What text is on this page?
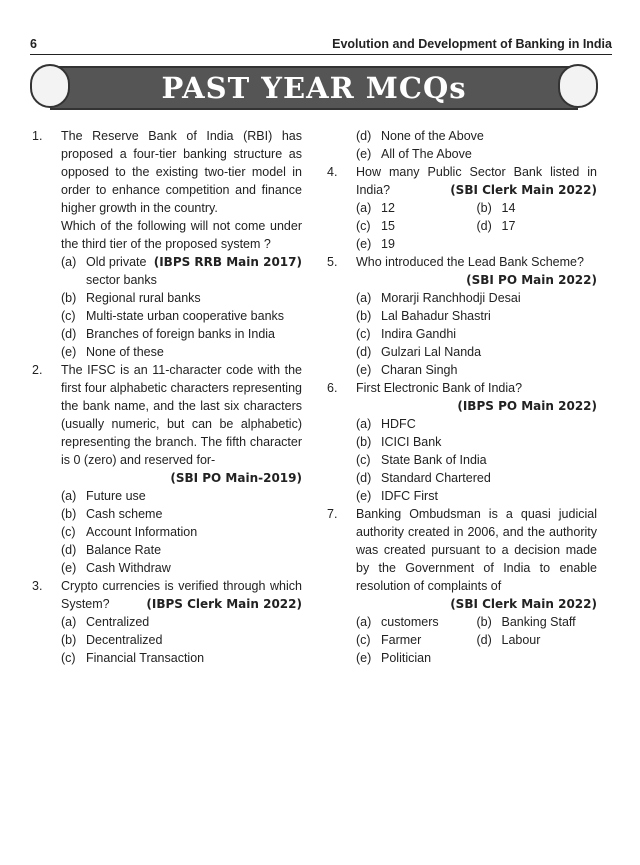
6	Evolution and Development of Banking in India
PAST YEAR MCQs
1. The Reserve Bank of India (RBI) has proposed a four-tier banking structure as opposed to the existing two-tier model in order to enhance competition and finance higher growth in the country.
Which of the following will not come under the third tier of the proposed system ?
(IBPS RRB Main 2017)
(a) Old private sector banks
(b) Regional rural banks
(c) Multi-state urban cooperative banks
(d) Branches of foreign banks in India
(e) None of these
2. The IFSC is an 11-character code with the first four alphabetic characters representing the bank name, and the last six characters (usually numeric, but can be alphabetic) representing the branch. The fifth character is 0 (zero) and reserved for-
(SBI PO Main-2019)
(a) Future use
(b) Cash scheme
(c) Account Information
(d) Balance Rate
(e) Cash Withdraw
3. Crypto currencies is verified through which System?	(IBPS Clerk Main 2022)
(a) Centralized
(b) Decentralized
(c) Financial Transaction
(d) None of the Above
(e) All of The Above
4. How many Public Sector Bank listed in India?	(SBI Clerk Main 2022)
(a) 12	(b) 14
(c) 15	(d) 17
(e) 19
5. Who introduced the Lead Bank Scheme?
(SBI PO Main 2022)
(a) Morarji Ranchhodji Desai
(b) Lal Bahadur Shastri
(c) Indira Gandhi
(d) Gulzari Lal Nanda
(e) Charan Singh
6. First Electronic Bank of India?
(IBPS PO Main 2022)
(a) HDFC
(b) ICICI Bank
(c) State Bank of India
(d) Standard Chartered
(e) IDFC First
7. Banking Ombudsman is a quasi judicial authority created in 2006, and the authority was created pursuant to a decision made by the Government of India to enable resolution of complaints of
(SBI Clerk Main 2022)
(a) customers	(b) Banking Staff
(c) Farmer	(d) Labour
(e) Politician
